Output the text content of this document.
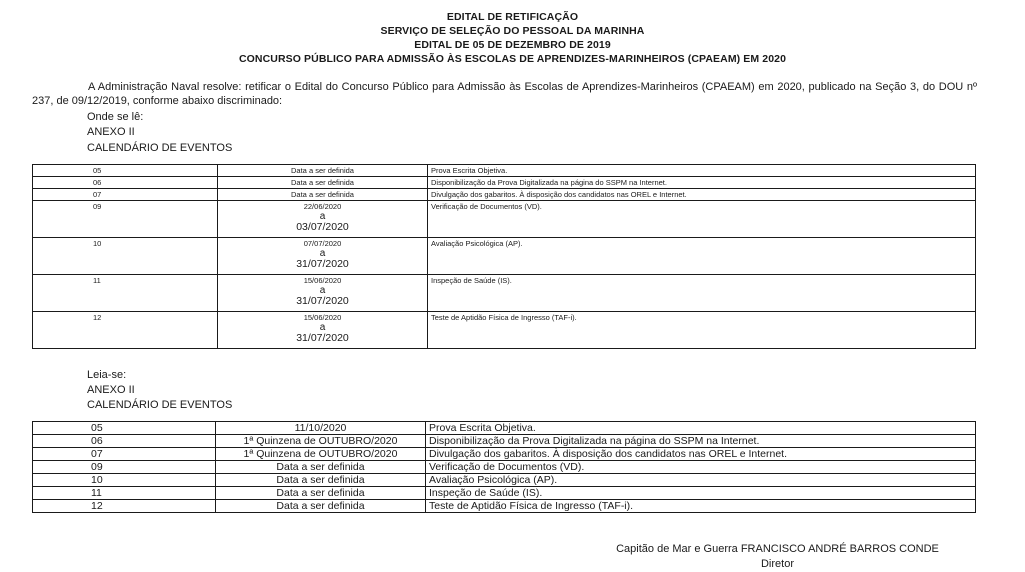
EDITAL DE RETIFICAÇÃO
SERVIÇO DE SELEÇÃO DO PESSOAL DA MARINHA
EDITAL DE 05 DE DEZEMBRO DE 2019
CONCURSO PÚBLICO PARA ADMISSÃO ÀS ESCOLAS DE APRENDIZES-MARINHEIROS (CPAEAM) EM 2020
A Administração Naval resolve: retificar o Edital do Concurso Público para Admissão às Escolas de Aprendizes-Marinheiros (CPAEAM) em 2020, publicado na Seção 3, do DOU nº 237, de 09/12/2019, conforme abaixo discriminado:
Onde se lê:
ANEXO II
CALENDÁRIO DE EVENTOS
05	Data a ser definida	Prova Escrita Objetiva.
06	Data a ser definida	Disponibilização da Prova Digitalizada na página do SSPM na Internet.
07	Data a ser definida	Divulgação dos gabaritos. À disposição dos candidatos nas OREL e Internet.
09	22/06/2020
a
03/07/2020	Verificação de Documentos (VD).
10	07/07/2020
a
31/07/2020	Avaliação Psicológica (AP).
11	15/06/2020
a
31/07/2020	Inspeção de Saúde (IS).
12	15/06/2020
a
31/07/2020	Teste de Aptidão Física de Ingresso (TAF-i).
Leia-se:
ANEXO II
CALENDÁRIO DE EVENTOS
05	11/10/2020	Prova Escrita Objetiva.
06	1ª Quinzena de OUTUBRO/2020	Disponibilização da Prova Digitalizada na página do SSPM na Internet.
07	1ª Quinzena de OUTUBRO/2020	Divulgação dos gabaritos. À disposição dos candidatos nas OREL e Internet.
09	Data a ser definida	Verificação de Documentos (VD).
10	Data a ser definida	Avaliação Psicológica (AP).
11	Data a ser definida	Inspeção de Saúde (IS).
12	Data a ser definida	Teste de Aptidão Física de Ingresso (TAF-i).
Capitão de Mar e Guerra FRANCISCO ANDRÉ BARROS CONDE
Diretor
